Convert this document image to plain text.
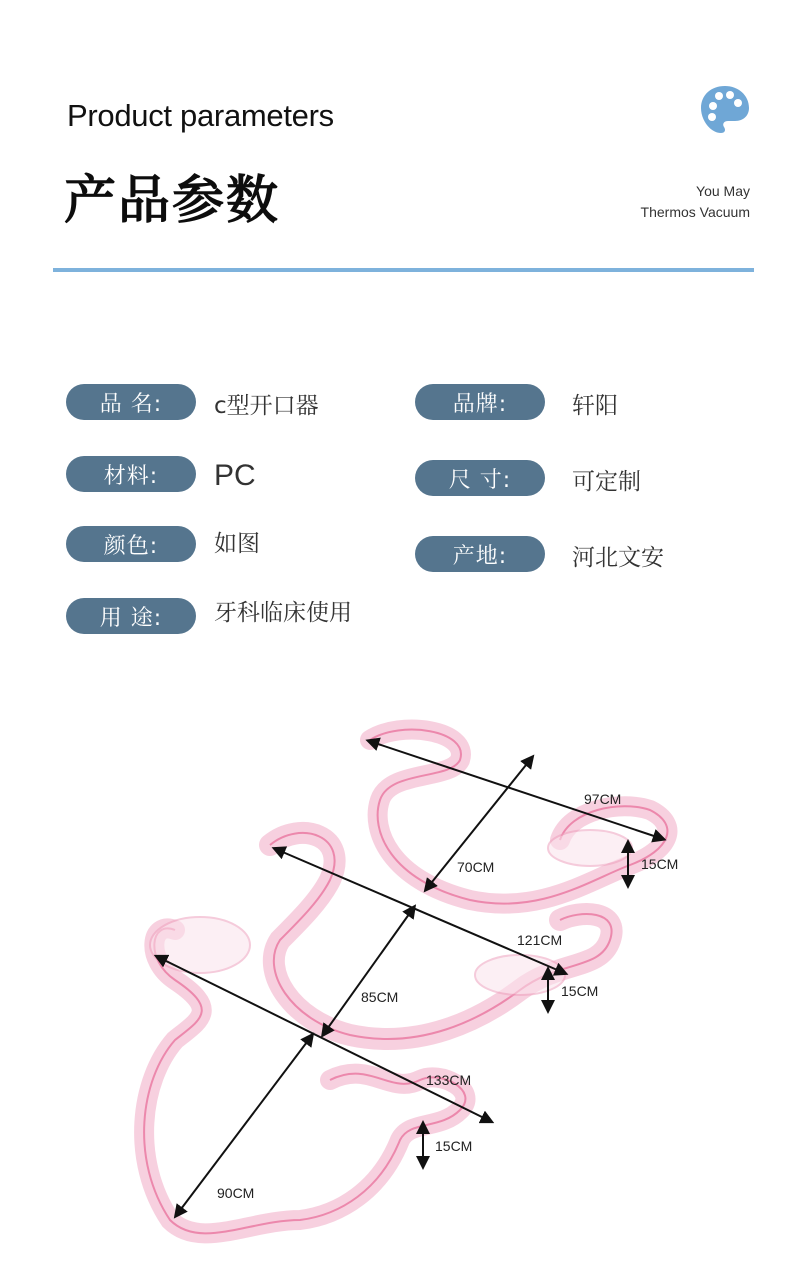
Product parameters
产品参数	You May
Thermos Vacuum
品 名:	c型开口器	品牌:	轩阳
材料:	PC	尺 寸:	可定制
颜色:	如图	产地:	河北文安
用 途:	牙科临床使用
97CM
70CM	15CM
121CM
85CM	15CM
133CM
90CM
15CM
